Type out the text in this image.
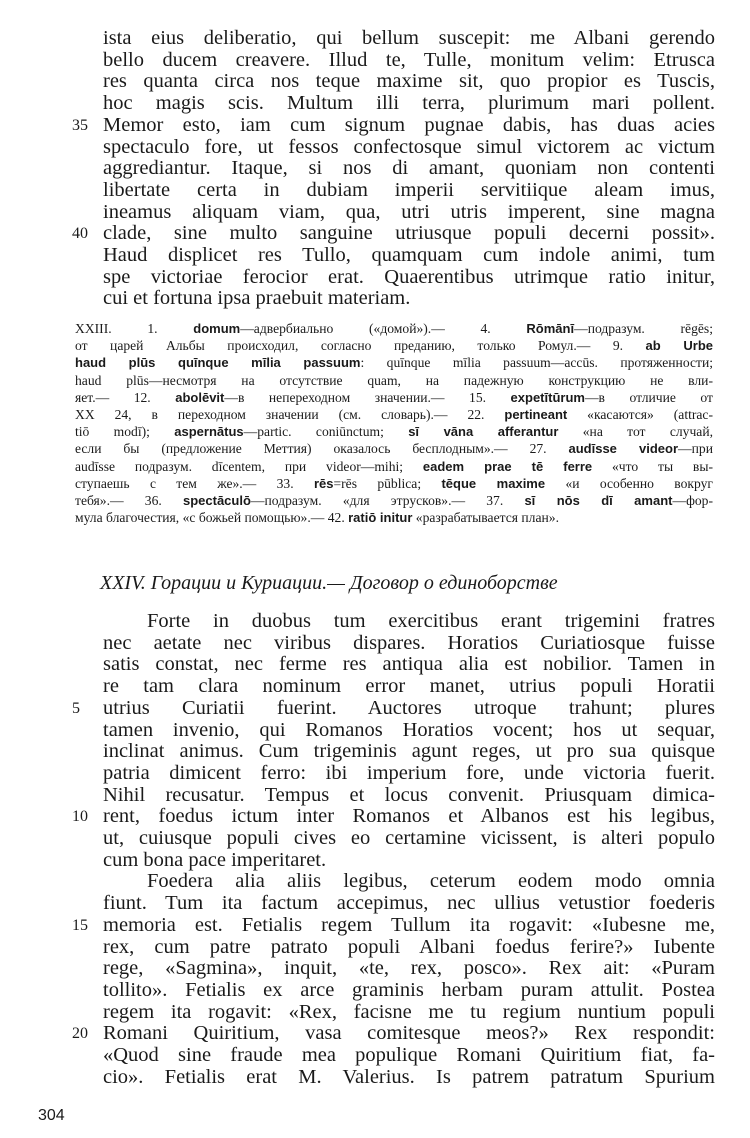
ista eius deliberatio, qui bellum suscepit: me Albani gerendo
bello ducem creavere. Illud te, Tulle, monitum velim: Etrusca
res quanta circa nos teque maxime sit, quo propior es Tuscis,
hoc magis scis. Multum illi terra, plurimum mari pollent.
Memor esto, iam cum signum pugnae dabis, has duas acies
35
spectaculo fore, ut fessos confectosque simul victorem ac victum
aggrediantur. Itaque, si nos di amant, quoniam non contenti
libertate certa in dubiam imperii servitiique aleam imus,
ineamus aliquam viam, qua, utri utris imperent, sine magna
clade, sine multo sanguine utriusque populi decerni possit».
40
Haud displicet res Tullo, quamquam cum indole animi, tum
spe victoriae ferocior erat. Quaerentibus utrimque ratio initur,
cui et fortuna ipsa praebuit materiam.
XXIII. 1. domum—адвербиально («домой»).— 4. Rōmānī—подразум. rēgēs;
от царей Альбы происходил, согласно преданию, только Ромул.— 9. ab Urbe
haud plūs quīnque mīlia passuum: quīnque mīlia passuum—accūs. протяженности;
haud plūs—несмотря на отсутствие quam, на падежную конструкцию не вли-
яет.— 12. abolēvit—в непереходном значении.— 15. expetītūrum—в отличие от
XX 24, в переходном значении (см. словарь).— 22. pertineant «касаются» (attrac-
tiō modī); aspernātus—partic. coniūnctum; sī vāna afferantur «на тот случай,
если бы (предложение Меттия) оказалось бесплодным».— 27. audīsse videor—при
audīsse подразум. dīcentem, при videor—mihi; eadem prae tē ferre «что ты вы-
ступаешь с тем же».— 33. rēs=rēs pūblica; tēque maxime «и особенно вокруг
тебя».— 36. spectāculō—подразум. «для этрусков».— 37. sī nōs dī amant—фор-
мула благочестия, «с божьей помощью».— 42. ratiō initur «разрабатывается план».
XXIV. Горации и Куриации.— Договор о единоборстве
Forte in duobus tum exercitibus erant trigemini fratres
nec aetate nec viribus dispares. Horatios Curiatiosque fuisse
satis constat, nec ferme res antiqua alia est nobilior. Tamen in
re tam clara nominum error manet, utrius populi Horatii
utrius Curiatii fuerint. Auctores utroque trahunt; plures
5
tamen invenio, qui Romanos Horatios vocent; hos ut sequar,
inclinat animus. Cum trigeminis agunt reges, ut pro sua quisque
patria dimicent ferro: ibi imperium fore, unde victoria fuerit.
Nihil recusatur. Tempus et locus convenit. Priusquam dimica-
rent, foedus ictum inter Romanos et Albanos est his legibus,
10
ut, cuiusque populi cives eo certamine vicissent, is alteri populo
cum bona pace imperitaret.
Foedera alia aliis legibus, ceterum eodem modo omnia
fiunt. Tum ita factum accepimus, nec ullius vetustior foederis
memoria est. Fetialis regem Tullum ita rogavit: «Iubesne me,
15
rex, cum patre patrato populi Albani foedus ferire?» Iubente
rege, «Sagmina», inquit, «te, rex, posco». Rex ait: «Puram
tollito». Fetialis ex arce graminis herbam puram attulit. Postea
regem ita rogavit: «Rex, facisne me tu regium nuntium populi
Romani Quiritium, vasa comitesque meos?» Rex respondit:
20
«Quod sine fraude mea populique Romani Quiritium fiat, fa-
cio». Fetialis erat M. Valerius. Is patrem patratum Spurium
304
